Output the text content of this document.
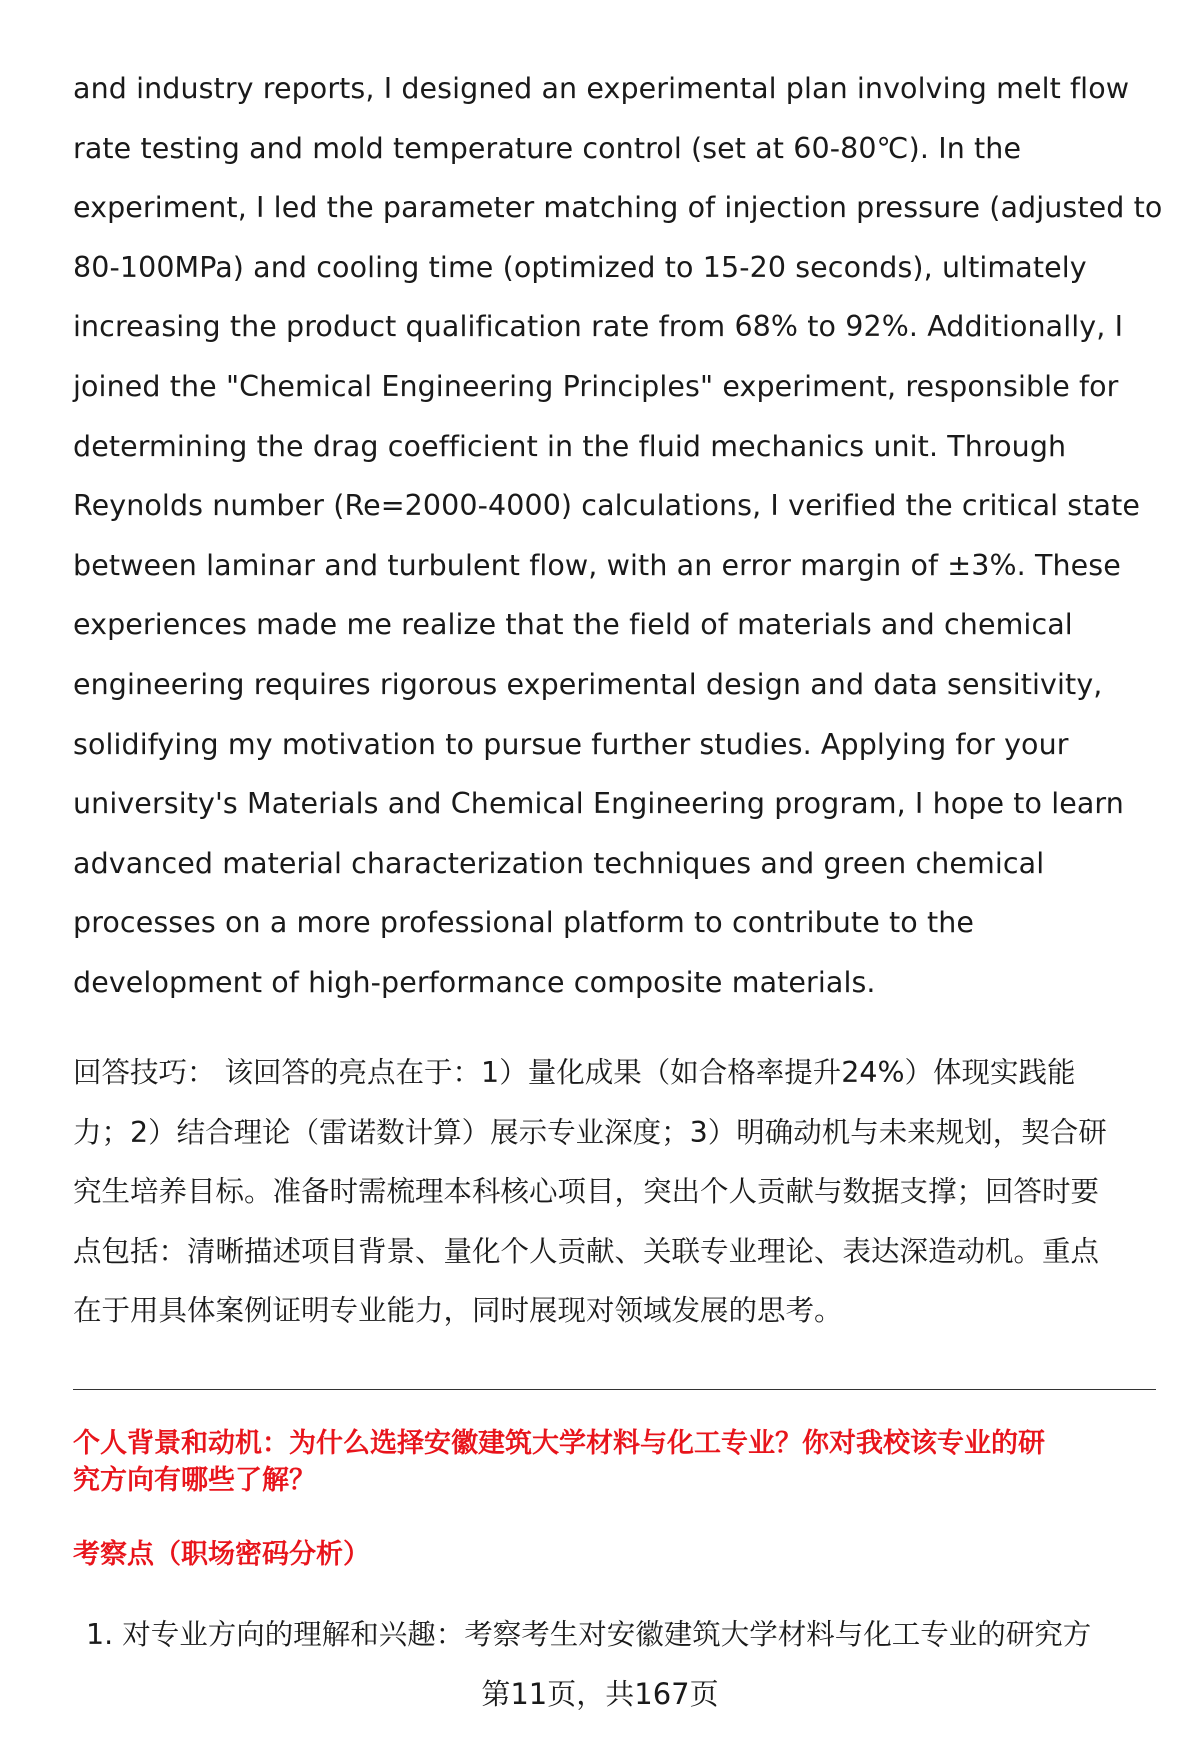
and industry reports, I designed an experimental plan involving melt flow
rate testing and mold temperature control (set at 60-80℃). In the
experiment, I led the parameter matching of injection pressure (adjusted to
80-100MPa) and cooling time (optimized to 15-20 seconds), ultimately
increasing the product qualification rate from 68% to 92%. Additionally, I
joined the "Chemical Engineering Principles" experiment, responsible for
determining the drag coefficient in the fluid mechanics unit. Through
Reynolds number (Re=2000-4000) calculations, I verified the critical state
between laminar and turbulent flow, with an error margin of ±3%. These
experiences made me realize that the field of materials and chemical
engineering requires rigorous experimental design and data sensitivity,
solidifying my motivation to pursue further studies. Applying for your
university's Materials and Chemical Engineering program, I hope to learn
advanced material characterization techniques and green chemical
processes on a more professional platform to contribute to the
development of high-performance composite materials.
回答技巧： 该回答的亮点在于：1）量化成果（如合格率提升24%）体现实践能
力；2）结合理论（雷诺数计算）展示专业深度；3）明确动机与未来规划，契合研
究生培养目标。准备时需梳理本科核心项目，突出个人贡献与数据支撑；回答时要
点包括：清晰描述项目背景、量化个人贡献、关联专业理论、表达深造动机。重点
在于用具体案例证明专业能力，同时展现对领域发展的思考。
个人背景和动机：为什么选择安徽建筑大学材料与化工专业？你对我校该专业的研
究方向有哪些了解？
考察点（职场密码分析）
1. 对专业方向的理解和兴趣：考察考生对安徽建筑大学材料与化工专业的研究方
第11页，共167页
